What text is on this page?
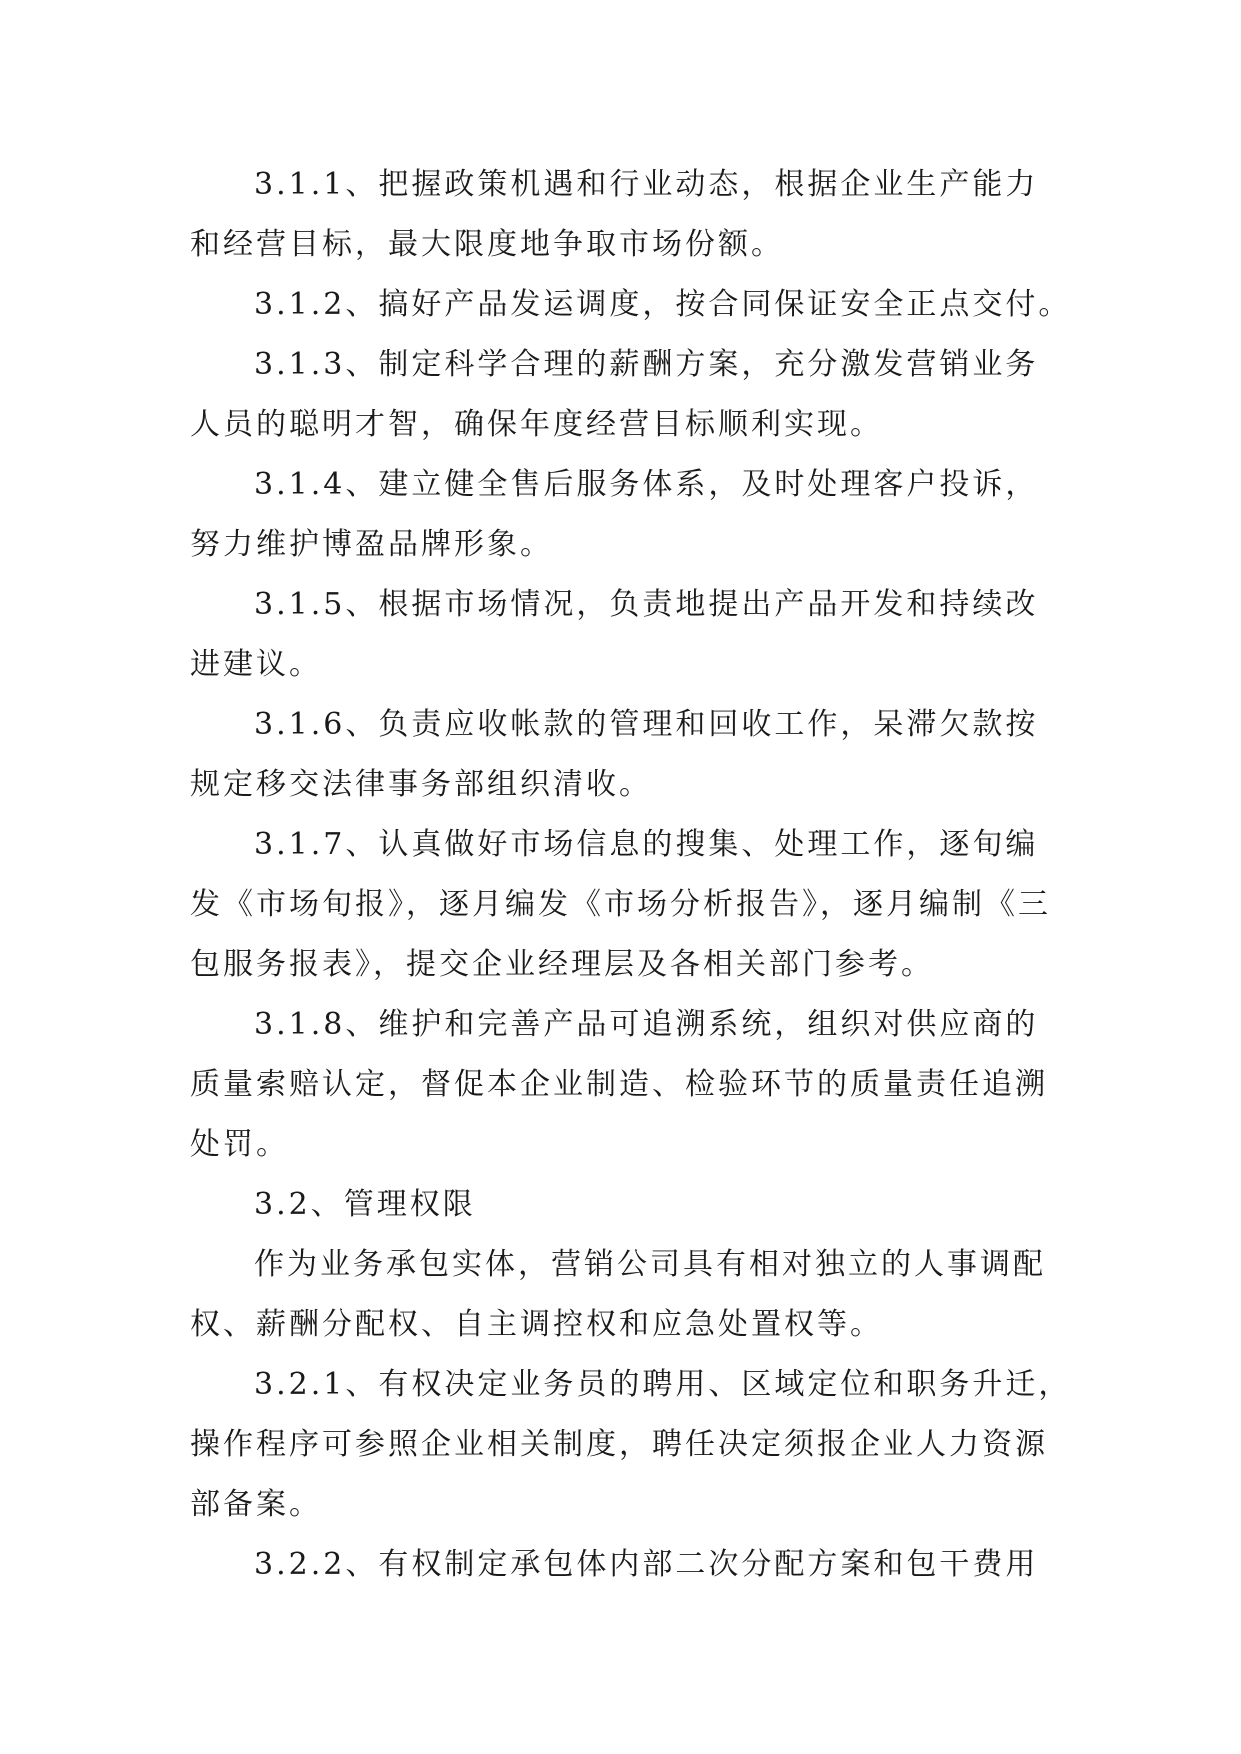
3.1.1、把握政策机遇和行业动态，根据企业生产能力
和经营目标，最大限度地争取市场份额。
3.1.2、搞好产品发运调度，按合同保证安全正点交付。
3.1.3、制定科学合理的薪酬方案，充分激发营销业务
人员的聪明才智，确保年度经营目标顺利实现。
3.1.4、建立健全售后服务体系，及时处理客户投诉，
努力维护博盈品牌形象。
3.1.5、根据市场情况，负责地提出产品开发和持续改
进建议。
3.1.6、负责应收帐款的管理和回收工作，呆滞欠款按
规定移交法律事务部组织清收。
3.1.7、认真做好市场信息的搜集、处理工作，逐旬编
发《市场旬报》，逐月编发《市场分析报告》，逐月编制《三
包服务报表》，提交企业经理层及各相关部门参考。
3.1.8、维护和完善产品可追溯系统，组织对供应商的
质量索赔认定，督促本企业制造、检验环节的质量责任追溯
处罚。
3.2、管理权限
作为业务承包实体，营销公司具有相对独立的人事调配
权、薪酬分配权、自主调控权和应急处置权等。
3.2.1、有权决定业务员的聘用、区域定位和职务升迁，
操作程序可参照企业相关制度，聘任决定须报企业人力资源
部备案。
3.2.2、有权制定承包体内部二次分配方案和包干费用
